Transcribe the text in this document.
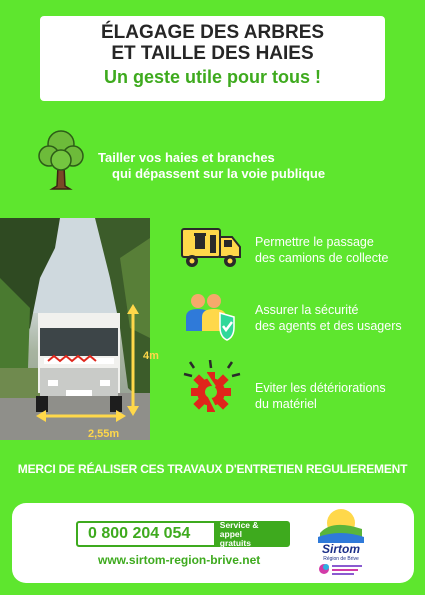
ÉLAGAGE DES ARBRES
ET TAILLE DES HAIES
Un geste utile pour tous !
Tailler vos haies et branches
qui dépassent sur la voie publique
4m
2,55m
Permettre le passage
des camions de collecte
Assurer la sécurité
des agents et des usagers
Eviter les détériorations
du matériel
MERCI DE RÉALISER CES TRAVAUX D'ENTRETIEN REGULIEREMENT
0 800 204 054
Service & appel
gratuits
www.sirtom-region-brive.net
Sirtom
Région de Brive
